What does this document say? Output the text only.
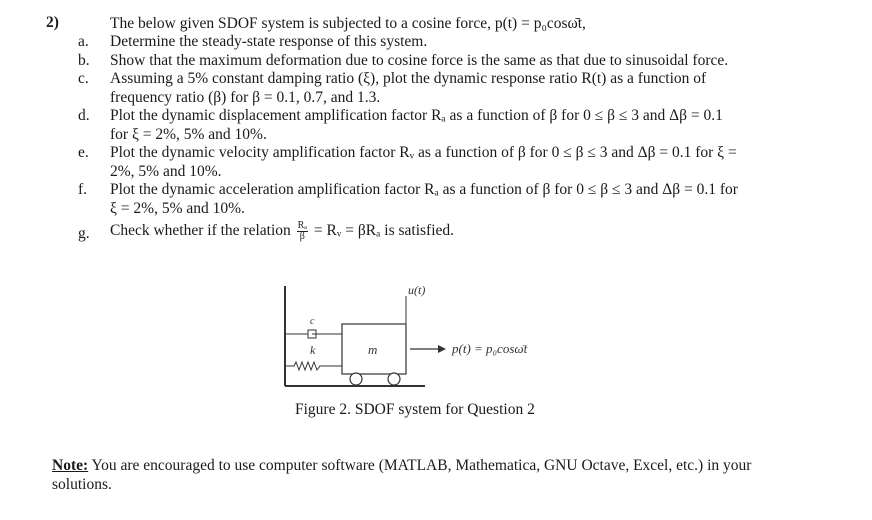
2)	The below given SDOF system is subjected to a cosine force, p(t) = p₀cosω̄t,
a. Determine the steady-state response of this system.
b. Show that the maximum deformation due to cosine force is the same as that due to sinusoidal force.
c. Assuming a 5% constant damping ratio (ξ), plot the dynamic response ratio R(t) as a function of
frequency ratio (β) for β = 0.1, 0.7, and 1.3.
d. Plot the dynamic displacement amplification factor Rₐ as a function of β for 0 ≤ β ≤ 3 and Δβ = 0.1
for ξ = 2%, 5% and 10%.
e. Plot the dynamic velocity amplification factor Rᵥ as a function of β for 0 ≤ β ≤ 3 and Δβ = 0.1 for ξ =
2%, 5% and 10%.
f. Plot the dynamic acceleration amplification factor Rₐ as a function of β for 0 ≤ β ≤ 3 and Δβ = 0.1 for
ξ = 2%, 5% and 10%.
g. Check whether if the relation $\frac{\text{Rₐ}}{\beta}$ = Rᵥ = βRₐ is satisfied.
c
k	m
u(t)
p(t) = p₀cosω̄t
Figure 2. SDOF system for Question 2
Note: You are encouraged to use computer software (MATLAB, Mathematica, GNU Octave, Excel, etc.) in your solutions.
